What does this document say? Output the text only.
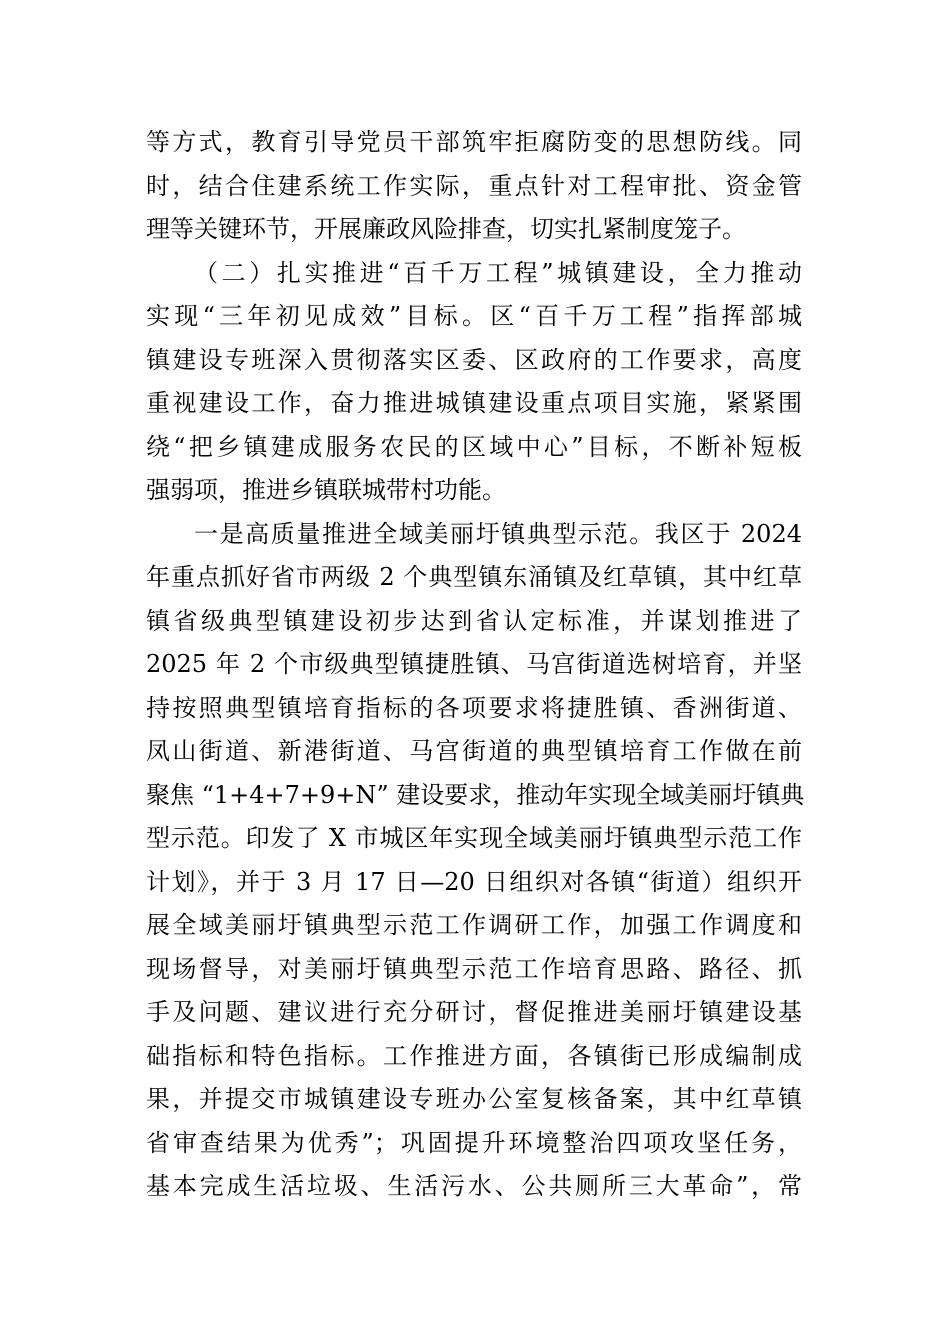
等方式，教育引导党员干部筑牢拒腐防变的思想防线。同
时，结合住建系统工作实际，重点针对工程审批、资金管
理等关键环节，开展廉政风险排查，切实扎紧制度笼子。
（二）扎实推进“百千万工程”城镇建设，全力推动
实现“三年初见成效”目标。区“百千万工程”指挥部城
镇建设专班深入贯彻落实区委、区政府的工作要求，高度
重视建设工作，奋力推进城镇建设重点项目实施，紧紧围
绕“把乡镇建成服务农民的区域中心”目标，不断补短板
强弱项，推进乡镇联城带村功能。
一是高质量推进全域美丽圩镇典型示范。我区于 2024
年重点抓好省市两级 2 个典型镇东涌镇及红草镇，其中红草
镇省级典型镇建设初步达到省认定标准，并谋划推进了
2025 年 2 个市级典型镇捷胜镇、马宫街道选树培育，并坚
持按照典型镇培育指标的各项要求将捷胜镇、香洲街道、
凤山街道、新港街道、马宫街道的典型镇培育工作做在前
聚焦 “1+4+7+9+N” 建设要求，推动年实现全域美丽圩镇典
型示范。印发了 X 市城区年实现全域美丽圩镇典型示范工作
计划》，并于 3 月 17 日—20 日组织对各镇“街道）组织开
展全域美丽圩镇典型示范工作调研工作，加强工作调度和
现场督导，对美丽圩镇典型示范工作培育思路、路径、抓
手及问题、建议进行充分研讨，督促推进美丽圩镇建设基
础指标和特色指标。工作推进方面，各镇街已形成编制成
果，并提交市城镇建设专班办公室复核备案，其中红草镇
省审查结果为优秀”；巩固提升环境整治四项攻坚任务，
基本完成生活垃圾、生活污水、公共厕所三大革命”，常
